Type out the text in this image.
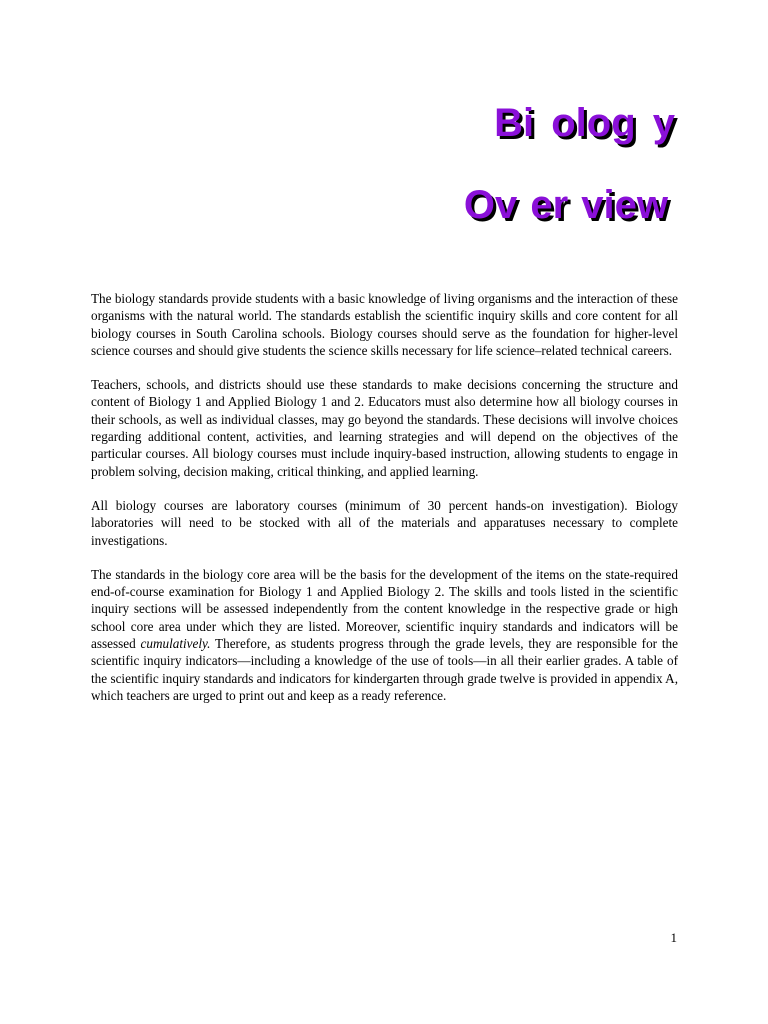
Bi olog y
Ov er view

The biology standards provide students with a basic knowledge of living organisms and the interaction of these organisms with the natural world. The standards establish the scientific inquiry skills and core content for all biology courses in South Carolina schools. Biology courses should serve as the foundation for higher-level science courses and should give students the science skills necessary for life science–related technical careers.

Teachers, schools, and districts should use these standards to make decisions concerning the structure and content of Biology 1 and Applied Biology 1 and 2. Educators must also determine how all biology courses in their schools, as well as individual classes, may go beyond the standards. These decisions will involve choices regarding additional content, activities, and learning strategies and will depend on the objectives of the particular courses. All biology courses must include inquiry-based instruction, allowing students to engage in problem solving, decision making, critical thinking, and applied learning.

All biology courses are laboratory courses (minimum of 30 percent hands-on investigation). Biology laboratories will need to be stocked with all of the materials and apparatuses necessary to complete investigations.

The standards in the biology core area will be the basis for the development of the items on the state-required end-of-course examination for Biology 1 and Applied Biology 2. The skills and tools listed in the scientific inquiry sections will be assessed independently from the content knowledge in the respective grade or high school core area under which they are listed. Moreover, scientific inquiry standards and indicators will be assessed cumulatively. Therefore, as students progress through the grade levels, they are responsible for the scientific inquiry indicators—including a knowledge of the use of tools—in all their earlier grades. A table of the scientific inquiry standards and indicators for kindergarten through grade twelve is provided in appendix A, which teachers are urged to print out and keep as a ready reference.

1
